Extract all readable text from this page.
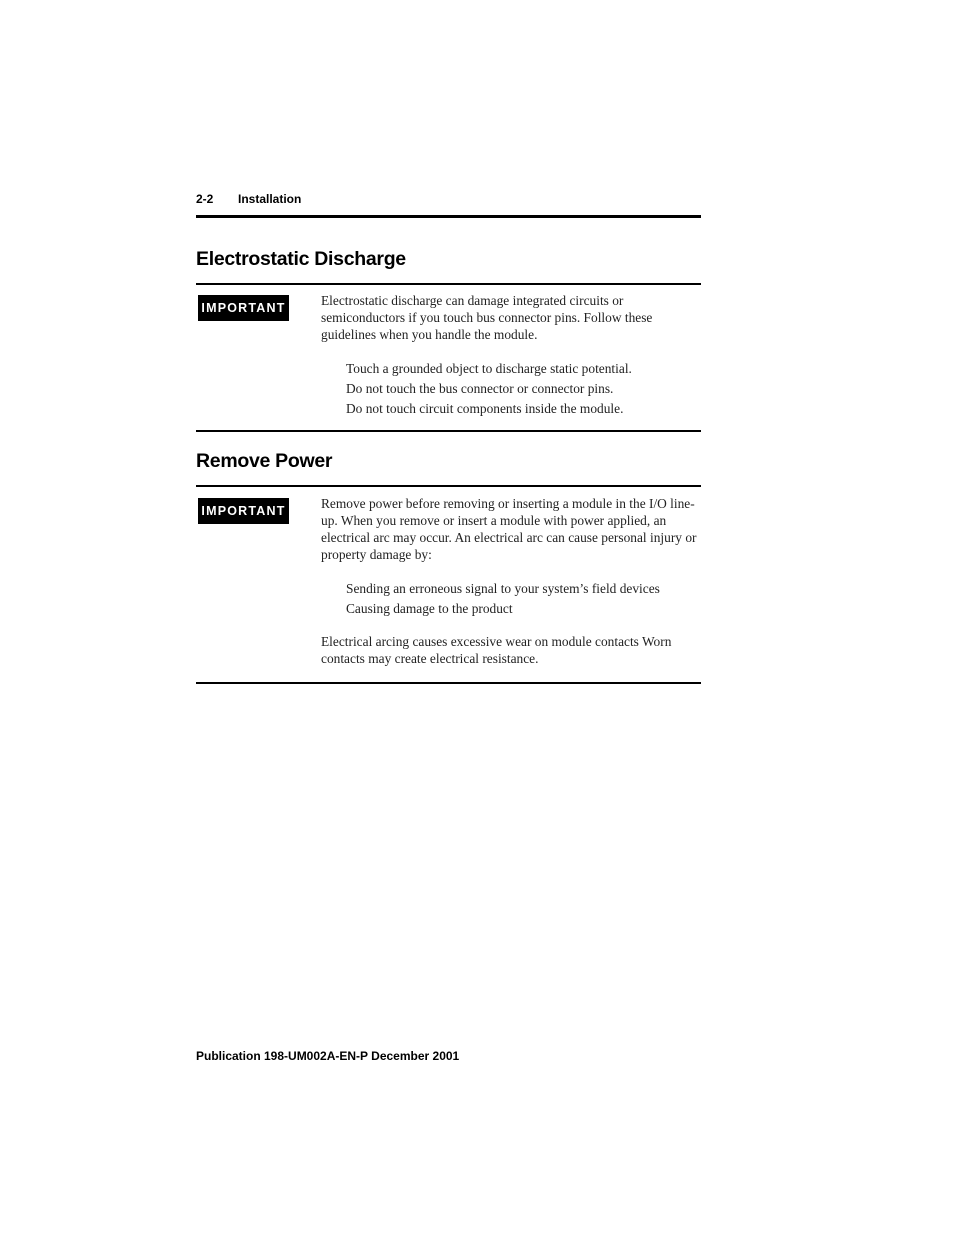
2-2 Installation
Electrostatic Discharge
IMPORTANT	Electrostatic discharge can damage integrated circuits or semiconductors if you touch bus connector pins. Follow these guidelines when you handle the module.

Touch a grounded object to discharge static potential.
Do not touch the bus connector or connector pins.
Do not touch circuit components inside the module.
Remove Power
IMPORTANT	Remove power before removing or inserting a module in the I/O line-up. When you remove or insert a module with power applied, an electrical arc may occur. An electrical arc can cause personal injury or property damage by:

Sending an erroneous signal to your system’s field devices
Causing damage to the product

Electrical arcing causes excessive wear on module contacts Worn contacts may create electrical resistance.

Publication 198-UM002A-EN-P December 2001
